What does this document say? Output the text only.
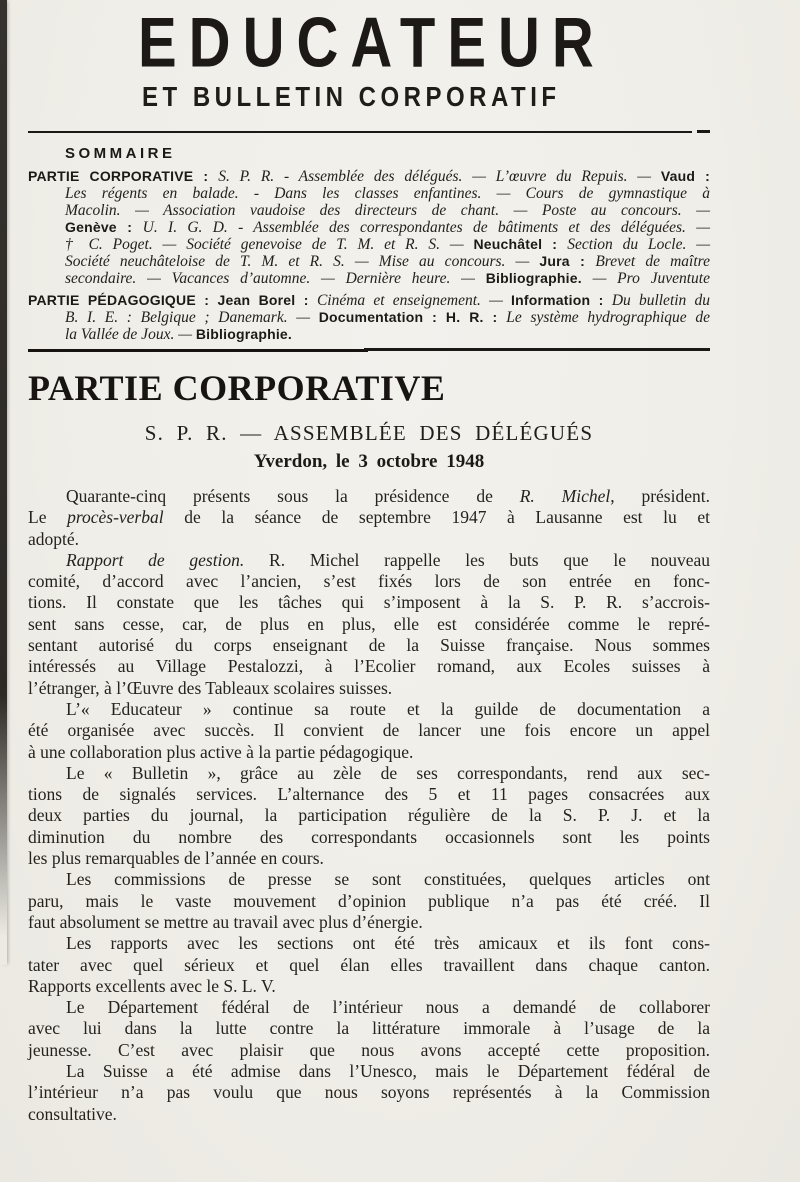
EDUCATEUR
ET BULLETIN CORPORATIF
SOMMAIRE
PARTIE CORPORATIVE : S. P. R. - Assemblée des délégués. — L’œuvre du Repuis. — Vaud :
Les régents en balade. - Dans les classes enfantines. — Cours de gymnastique à
Macolin. — Association vaudoise des directeurs de chant. — Poste au concours. —
Genève : U. I. G. D. - Assemblée des correspondantes de bâtiments et des déléguées. —
† C. Poget. — Société genevoise de T. M. et R. S. — Neuchâtel : Section du Locle. —
Société neuchâteloise de T. M. et R. S. — Mise au concours. — Jura : Brevet de maître
secondaire. — Vacances d’automne. — Dernière heure. — Bibliographie. — Pro Juventute
PARTIE PÉDAGOGIQUE : Jean Borel : Cinéma et enseignement. — Information : Du bulletin du
B. I. E. : Belgique ; Danemark. — Documentation : H. R. : Le système hydrographique de
la Vallée de Joux. — Bibliographie.
PARTIE CORPORATIVE
S. P. R. — ASSEMBLÉE DES DÉLÉGUÉS
Yverdon, le 3 octobre 1948
Quarante-cinq présents sous la présidence de R. Michel, président.
Le procès-verbal de la séance de septembre 1947 à Lausanne est lu et
adopté.
Rapport de gestion. R. Michel rappelle les buts que le nouveau
comité, d’accord avec l’ancien, s’est fixés lors de son entrée en fonc-
tions. Il constate que les tâches qui s’imposent à la S. P. R. s’accrois-
sent sans cesse, car, de plus en plus, elle est considérée comme le repré-
sentant autorisé du corps enseignant de la Suisse française. Nous sommes
intéressés au Village Pestalozzi, à l’Ecolier romand, aux Ecoles suisses à
l’étranger, à l’Œuvre des Tableaux scolaires suisses.
L’« Educateur » continue sa route et la guilde de documentation a
été organisée avec succès. Il convient de lancer une fois encore un appel
à une collaboration plus active à la partie pédagogique.
Le « Bulletin », grâce au zèle de ses correspondants, rend aux sec-
tions de signalés services. L’alternance des 5 et 11 pages consacrées aux
deux parties du journal, la participation régulière de la S. P. J. et la
diminution du nombre des correspondants occasionnels sont les points
les plus remarquables de l’année en cours.
Les commissions de presse se sont constituées, quelques articles ont
paru, mais le vaste mouvement d’opinion publique n’a pas été créé. Il
faut absolument se mettre au travail avec plus d’énergie.
Les rapports avec les sections ont été très amicaux et ils font cons-
tater avec quel sérieux et quel élan elles travaillent dans chaque canton.
Rapports excellents avec le S. L. V.
Le Département fédéral de l’intérieur nous a demandé de collaborer
avec lui dans la lutte contre la littérature immorale à l’usage de la
jeunesse. C’est avec plaisir que nous avons accepté cette proposition.
La Suisse a été admise dans l’Unesco, mais le Département fédéral de
l’intérieur n’a pas voulu que nous soyons représentés à la Commission
consultative.
